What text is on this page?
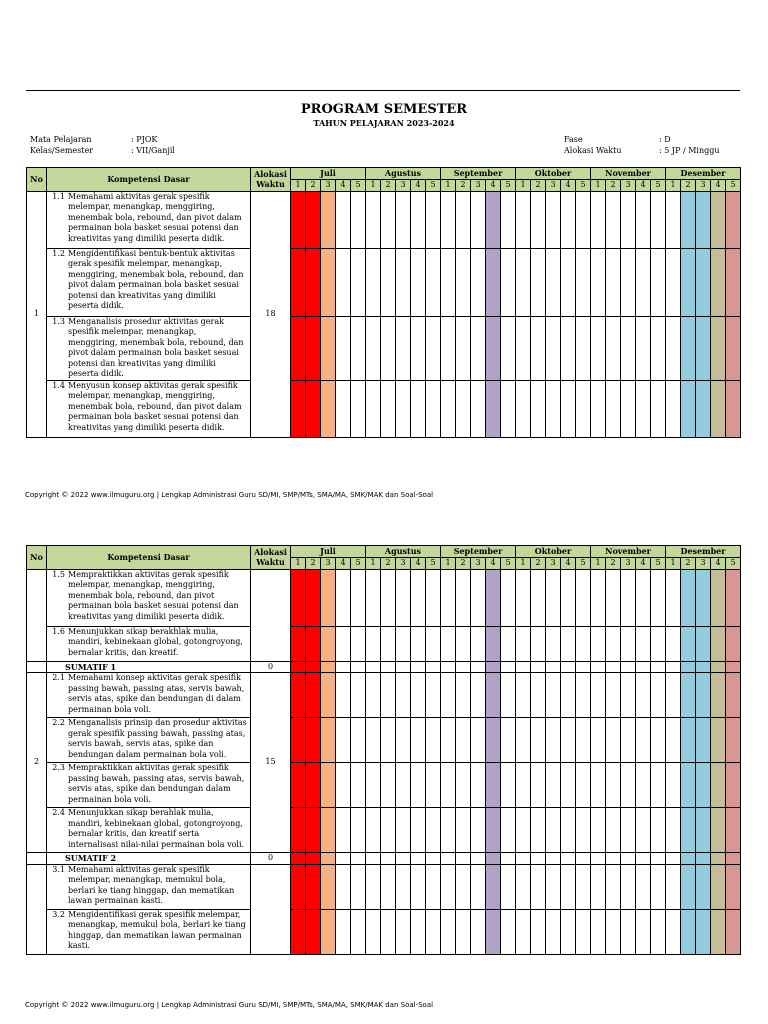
PROGRAM SEMESTER
TAHUN PELAJARAN 2023-2024
Mata Pelajaran	: PJOK
Kelas/Semester	: VII/Ganjil
Fase	: D
Alokasi Waktu	: 5 JP / Minggu
No	Kompetensi Dasar	Alokasi Waktu	Juli					Agustus					September					Oktober					November					Desember				
			1	2	3	4	5	1	2	3	4	5	1	2	3	4	5	1	2	3	4	5	1	2	3	4	5	1	2	3	4	5
1	1.1 Memahami aktivitas gerak spesifik melempar, menangkap, menggiring, menembak bola, rebound, dan pivot dalam permainan bola basket sesuai potensi dan kreativitas yang dimiliki peserta didik.	18																														

	1.2 Mengidentifikasi bentuk-bentuk aktivitas gerak spesifik melempar, menangkap, menggiring, menembak bola, rebound, dan pivot dalam permainan bola basket sesuai potensi dan kreativitas yang dimiliki peserta didik.																															

	1.3 Menganalisis prosedur aktivitas gerak spesifik melempar, menangkap, menggiring, menembak bola, rebound, dan pivot dalam permainan bola basket sesuai potensi dan kreativitas yang dimiliki peserta didik.																															

	1.4 Menyusun konsep aktivitas gerak spesifik melempar, menangkap, menggiring, menembak bola, rebound, dan pivot dalam permainan bola basket sesuai potensi dan kreativitas yang dimiliki peserta didik.																															

Copyright © 2022 www.ilmuguru.org | Lengkap Administrasi Guru SD/MI, SMP/MTs, SMA/MA, SMK/MAK dan Soal-Soal
No	Kompetensi Dasar	Alokasi Waktu	Juli					Agustus					September					Oktober					November					Desember				
			1	2	3	4	5	1	2	3	4	5	1	2	3	4	5	1	2	3	4	5	1	2	3	4	5	1	2	3	4	5

	1.5 Mempraktikkan aktivitas gerak spesifik melempar, menangkap, menggiring, menembak bola, rebound, dan pivot permainan bola basket sesuai potensi dan kreativitas yang dimiliki peserta didik.																															

	1.6 Menunjukkan sikap berakhlak mulia, mandiri, kebinekaan global, gotongroyong, bernalar kritis, dan kreatif.																															

	SUMATIF 1	0																														
2	2.1 Memahami konsep aktivitas gerak spesifik passing bawah, passing atas, servis bawah, servis atas, spike dan bendungan di dalam permainan bola voli.	15																														

	2.2 Menganalisis prinsip dan prosedur aktivitas gerak spesifik passing bawah, passing atas, servis bawah, servis atas, spike dan bendungan dalam permainan bola voli.																															

	2.3 Mempraktikkan aktivitas gerak spesifik passing bawah, passing atas, servis bawah, servis atas, spike dan bendungan dalam permainan bola voli.																															

	2.4 Menunjukkan sikap berahlak mulia, mandiri, kebinekaan global, gotongroyong, bernalar kritis, dan kreatif serta internalisasi nilai-nilai permainan bola voli.																															

	SUMATIF 2	0																														

	3.1 Memahami aktivitas gerak spesifik melempar, menangkap, memukul bola, berlari ke tiang hinggap, dan mematikan lawan permainan kasti.																															

	3.2 Mengidentifikasi gerak spesifik melempar, menangkap, memukul bola, berlari ke tiang hinggap, dan mematikan lawan permainan kasti.																															

Copyright © 2022 www.ilmuguru.org | Lengkap Administrasi Guru SD/MI, SMP/MTs, SMA/MA, SMK/MAK dan Soal-Soal
